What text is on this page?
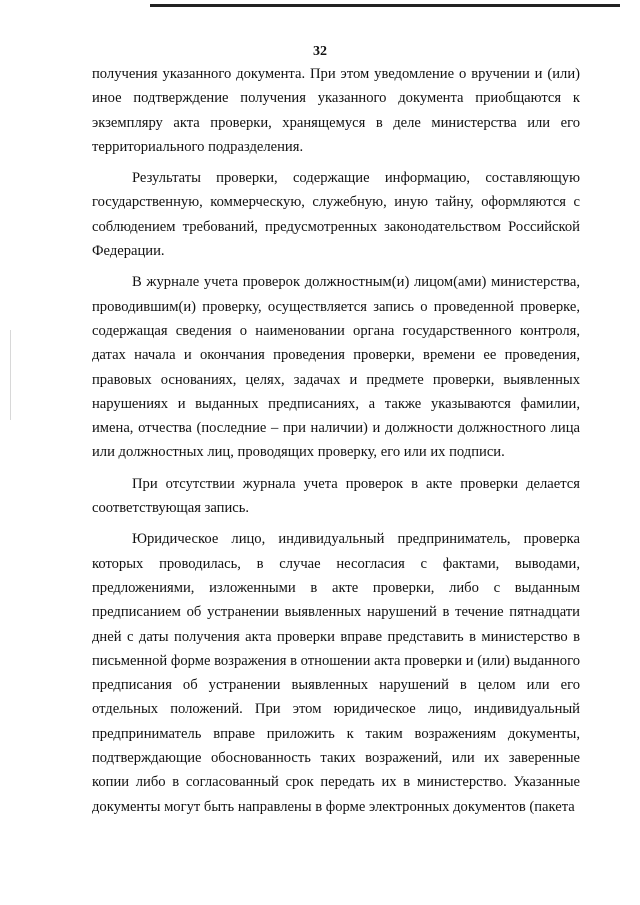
32

получения указанного документа. При этом уведомление о вручении и (или) иное подтверждение получения указанного документа приобщаются к экземпляру акта проверки, хранящемуся в деле министерства или его территориального подразделения.

Результаты проверки, содержащие информацию, составляющую государственную, коммерческую, служебную, иную тайну, оформляются с соблюдением требований, предусмотренных законодательством Российской Федерации.

В журнале учета проверок должностным(и) лицом(ами) министерства, проводившим(и) проверку, осуществляется запись о проведенной проверке, содержащая сведения о наименовании органа государственного контроля, датах начала и окончания проведения проверки, времени ее проведения, правовых основаниях, целях, задачах и предмете проверки, выявленных нарушениях и выданных предписаниях, а также указываются фамилии, имена, отчества (последние – при наличии) и должности должностного лица или должностных лиц, проводящих проверку, его или их подписи.

При отсутствии журнала учета проверок в акте проверки делается соответствующая запись.

Юридическое лицо, индивидуальный предприниматель, проверка которых проводилась, в случае несогласия с фактами, выводами, предложениями, изложенными в акте проверки, либо с выданным предписанием об устранении выявленных нарушений в течение пятнадцати дней с даты получения акта проверки вправе представить в министерство в письменной форме возражения в отношении акта проверки и (или) выданного предписания об устранении выявленных нарушений в целом или его отдельных положений. При этом юридическое лицо, индивидуальный предприниматель вправе приложить к таким возражениям документы, подтверждающие обоснованность таких возражений, или их заверенные копии либо в согласованный срок передать их в министерство. Указанные документы могут быть направлены в форме электронных документов (пакета
